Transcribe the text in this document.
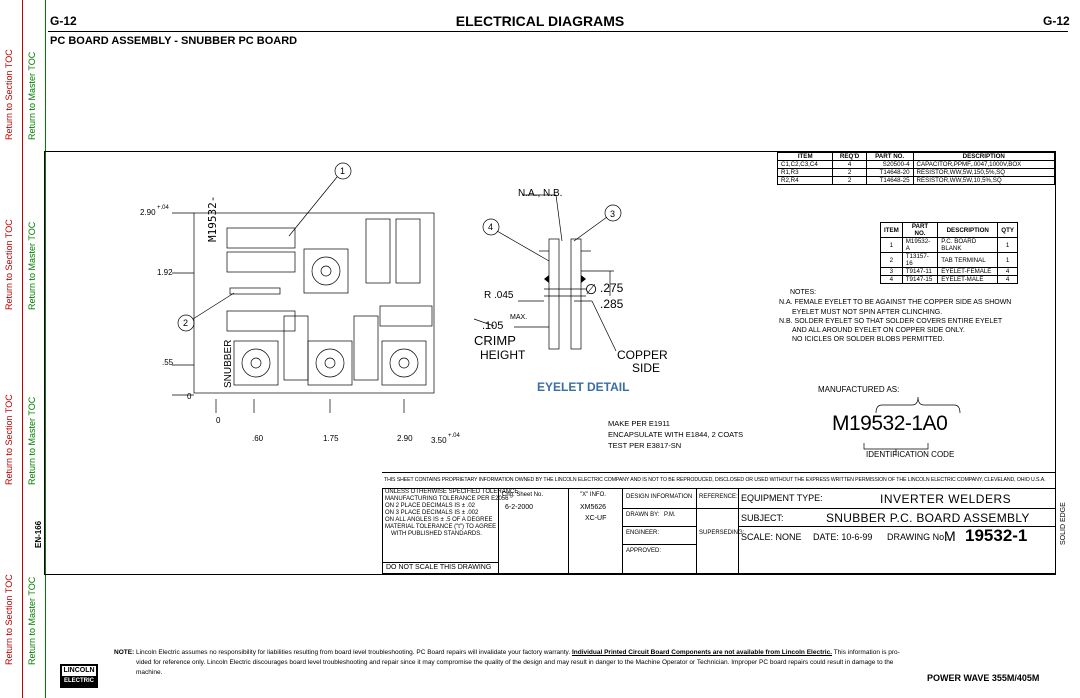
Return to Section TOC Return to Master TOC
Return to Section TOC Return to Master TOC
Return to Section TOC Return to Master TOC
Return to Section TOC Return to Master TOC
G-12	G-12
ELECTRICAL DIAGRAMS
PC BOARD ASSEMBLY - SNUBBER PC BOARD
1
2
3
4
2.90 +.04
1.92
.55
0
0
.60	1.75	2.90 3.50 +.04
M19532-
SNUBBER
N.A., N.B.
R .045	∅ .275
.285
.105
MAX.
CRIMP
HEIGHT	COPPER
SIDE
EYELET DETAIL
MAKE PER E1911
ENCAPSULATE WITH E1844, 2 COATS
TEST PER E3817-SN
ITEM	REQ'D	PART NO.	DESCRIPTION
C1,C2,C3,C4	4	S20500-4	CAPACITOR,PPMF,.0047,1000V,BOX
R1,R3	2	T14648-20	RESISTOR,WW,5W,150,5%,SQ
R2,R4	2	T14648-25	RESISTOR,WW,5W,10,5%,SQ
ITEM	PART NO.	DESCRIPTION	QTY
1	M19532-A	P.C. BOARD BLANK	1
2	T13157-16	TAB TERMINAL	1
3	T9147-11	EYELET-FEMALE	4
4	T9147-15	EYELET-MALE	4
NOTES:
N.A. FEMALE EYELET TO BE AGAINST THE COPPER SIDE AS SHOWN
EYELET MUST NOT SPIN AFTER CLINCHING.
N.B. SOLDER EYELET SO THAT SOLDER COVERS ENTIRE EYELET
AND ALL AROUND EYELET ON COPPER SIDE ONLY.
NO ICICLES OR SOLDER BLOBS PERMITTED.
MANUFACTURED AS:
M19532-1A0
IDENTIFICATION CODE
THIS SHEET CONTAINS PROPRIETARY INFORMATION OWNED BY THE LINCOLN ELECTRIC COMPANY AND IS NOT TO BE REPRODUCED, DISCLOSED OR USED WITHOUT THE EXPRESS WRITTEN PERMISSION OF THE LINCOLN ELECTRIC COMPANY, CLEVELAND, OHIO U.S.A.
UNLESS OTHERWISE SPECIFIED TOLERANCE
MANUFACTURING TOLERANCE PER E2056
ON 2 PLACE DECIMALS IS ± .02
ON 3 PLACE DECIMALS IS ± .002
ON ALL ANGLES IS ± .5 OF A DEGREE
MATERIAL TOLERANCE ("t") TO AGREE
WITH PUBLISHED STANDARDS.
DO NOT SCALE THIS DRAWING
Chg. Sheet No.
6-2-2000
"X" INFO.
XM5626
XC-UF
DESIGN INFORMATION
DRAWN BY: P.M.
ENGINEER:
APPROVED:
REFERENCE:
SUPERSEDING:
EQUIPMENT TYPE:	INVERTER WELDERS
SUBJECT:	SNUBBER P.C. BOARD ASSEMBLY
SCALE: NONE DATE: 10-6-99 DRAWING No.:
M 19532-1	SOLID EDGE
EN-166
NOTE: Lincoln Electric assumes no responsibility for liabilities resulting from board level troubleshooting. PC Board repairs will invalidate your factory warranty. Individual Printed Circuit Board Components are not available from Lincoln Electric. This information is pro-
vided for reference only. Lincoln Electric discourages board level troubleshooting and repair since it may compromise the quality of the design and may result in danger to the Machine Operator or Technician. Improper PC board repairs could result in damage to the
machine.
LINCOLN
ELECTRIC	POWER WAVE 355M/405M
